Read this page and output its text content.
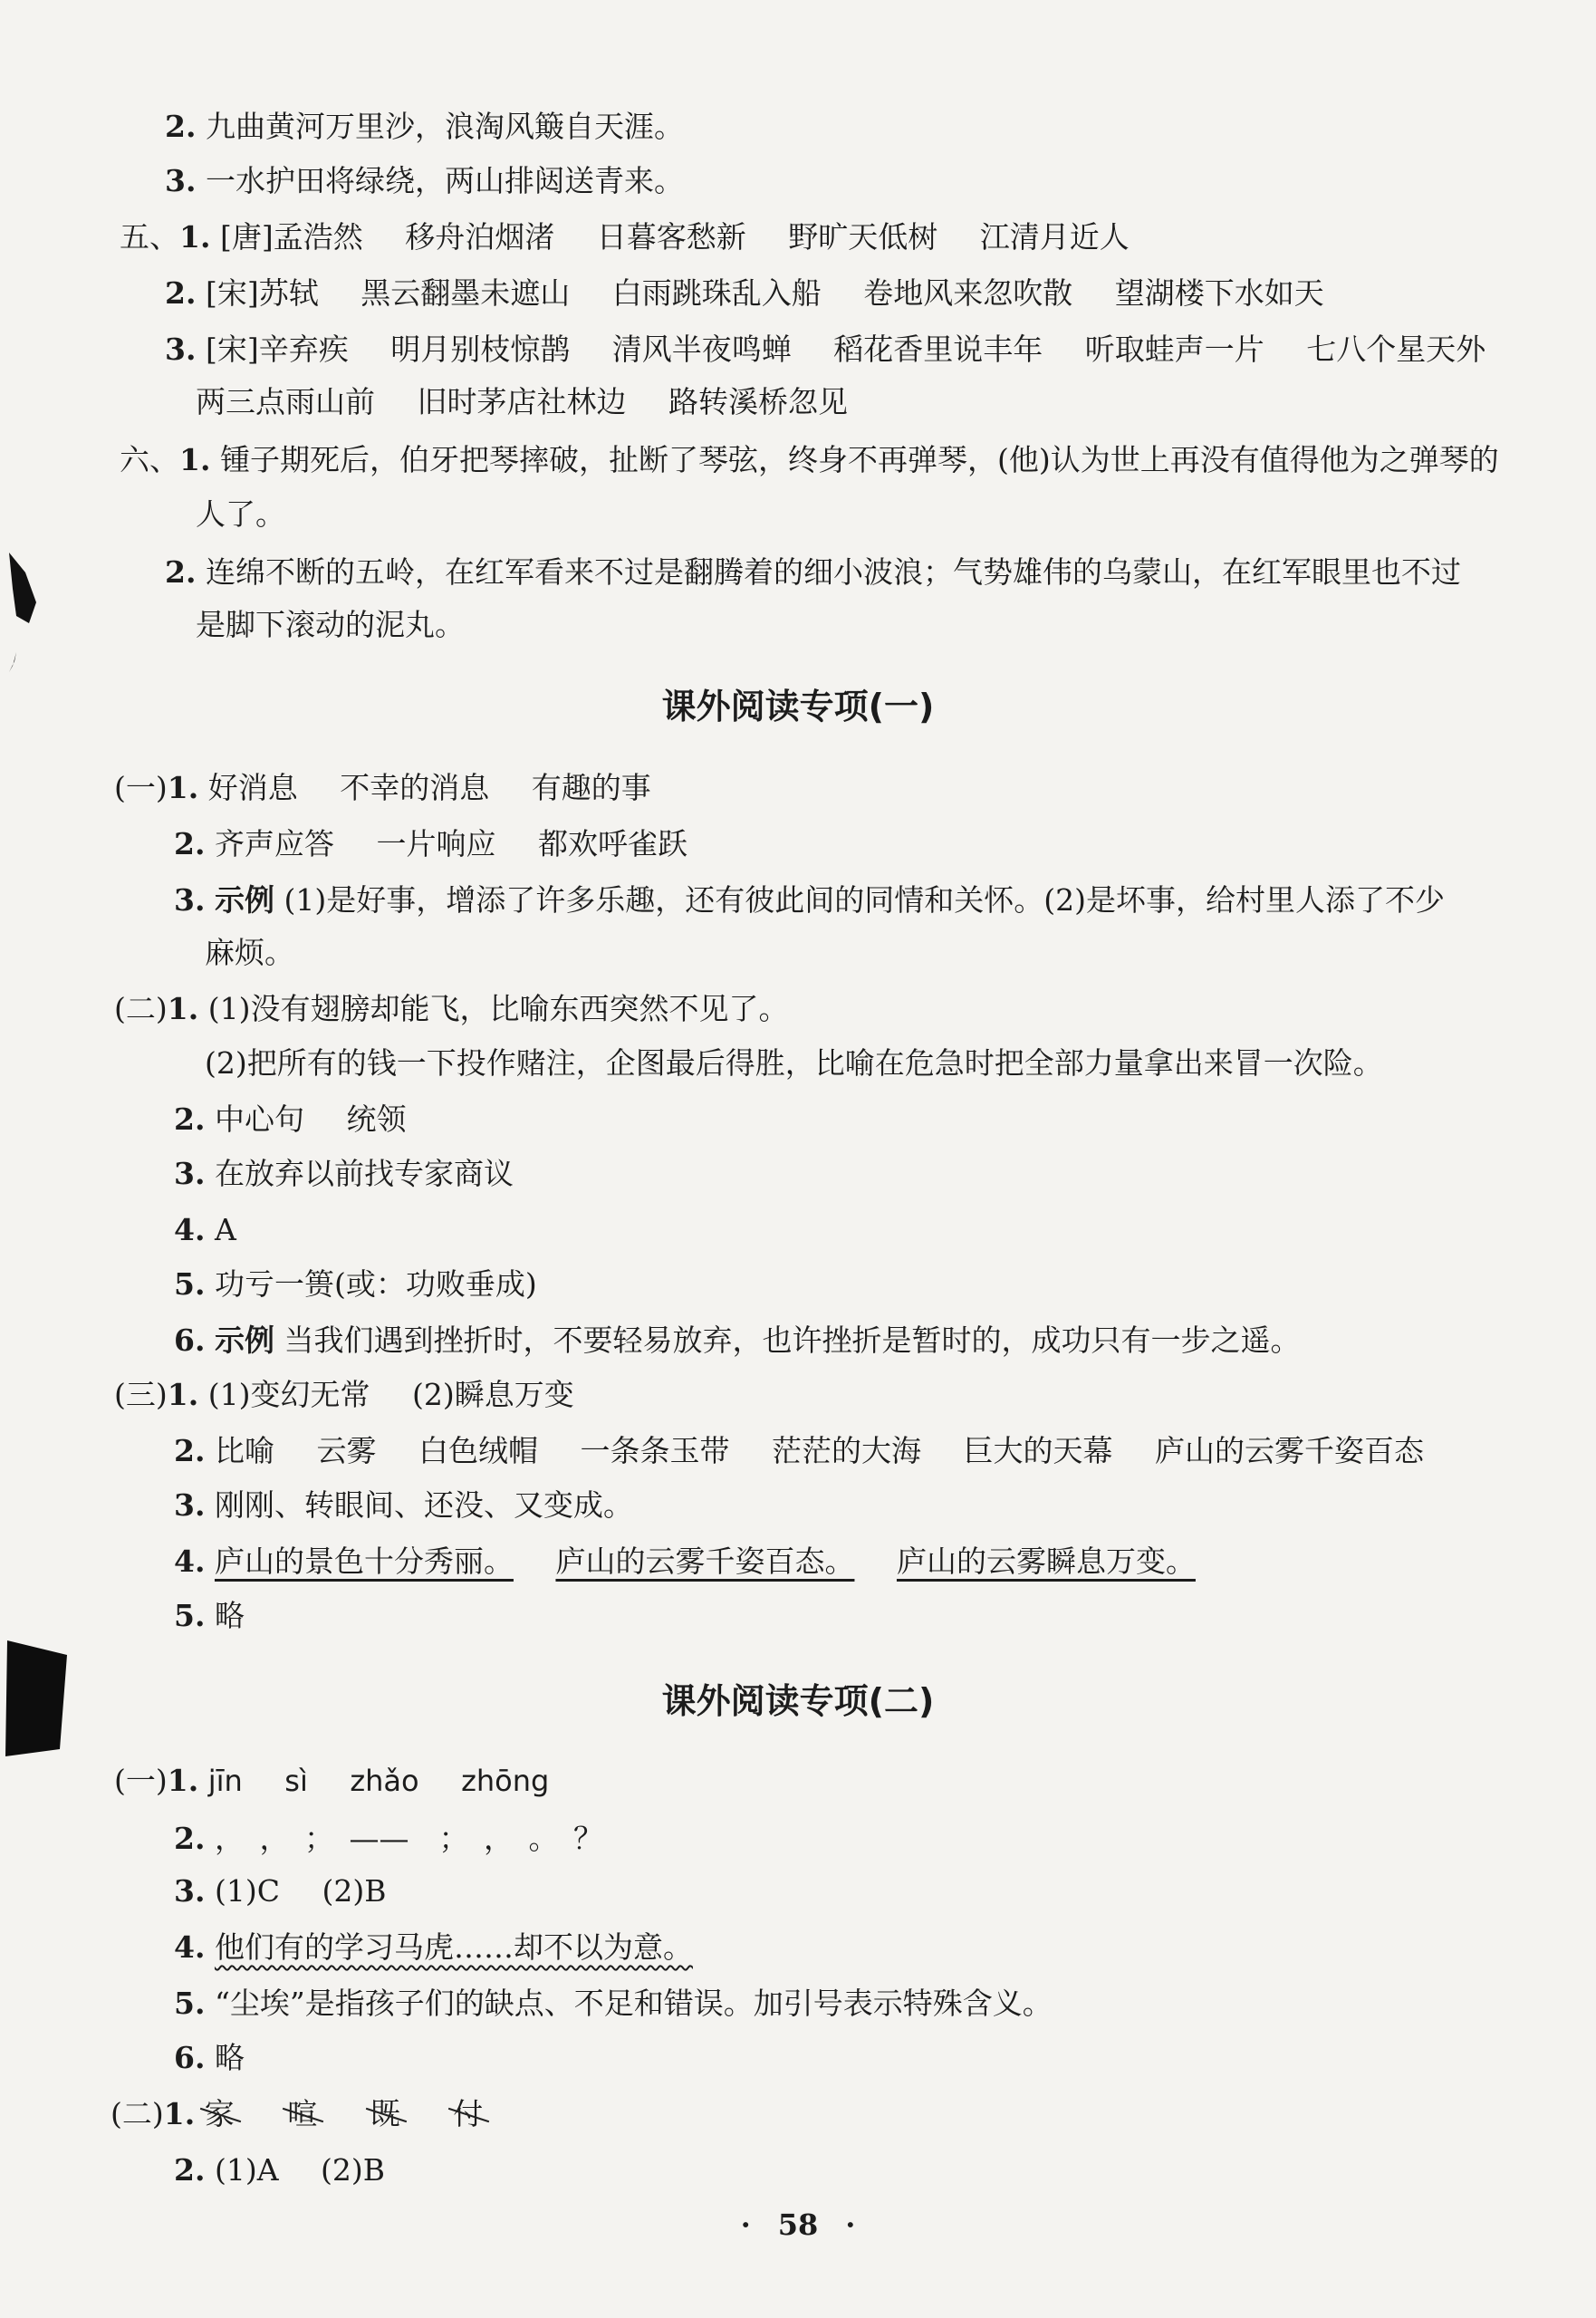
2. 九曲黄河万里沙，浪淘风簸自天涯。
3. 一水护田将绿绕，两山排闼送青来。
五、1. [唐]孟浩然 移舟泊烟渚 日暮客愁新 野旷天低树 江清月近人
2. [宋]苏轼 黑云翻墨未遮山 白雨跳珠乱入船 卷地风来忽吹散 望湖楼下水如天
3. [宋]辛弃疾 明月别枝惊鹊 清风半夜鸣蝉 稻花香里说丰年 听取蛙声一片 七八个星天外
两三点雨山前 旧时茅店社林边 路转溪桥忽见
六、1. 锺子期死后，伯牙把琴摔破，扯断了琴弦，终身不再弹琴，(他)认为世上再没有值得他为之弹琴的
人了。
2. 连绵不断的五岭，在红军看来不过是翻腾着的细小波浪；气势雄伟的乌蒙山，在红军眼里也不过
是脚下滚动的泥丸。
课外阅读专项(一)
(一)1. 好消息 不幸的消息 有趣的事
2. 齐声应答 一片响应 都欢呼雀跃
3. 示例 (1)是好事，增添了许多乐趣，还有彼此间的同情和关怀。(2)是坏事，给村里人添了不少
麻烦。
(二)1. (1)没有翅膀却能飞，比喻东西突然不见了。
(2)把所有的钱一下投作赌注，企图最后得胜，比喻在危急时把全部力量拿出来冒一次险。
2. 中心句 统领
3. 在放弃以前找专家商议
4. A
5. 功亏一篑(或：功败垂成)
6. 示例 当我们遇到挫折时，不要轻易放弃，也许挫折是暂时的，成功只有一步之遥。
(三)1. (1)变幻无常 (2)瞬息万变
2. 比喻 云雾 白色绒帽 一条条玉带 茫茫的大海 巨大的天幕 庐山的云雾千姿百态
3. 刚刚、转眼间、还没、又变成。
4. 庐山的景色十分秀丽。 庐山的云雾千姿百态。 庐山的云雾瞬息万变。
5. 略
课外阅读专项(二)
(一)1. jīn sì zhǎo zhōng
2. ，　，　；　——　；　，　。　？
3. (1)C (2)B
4. 他们有的学习马虎……却不以为意。
5. “尘埃”是指孩子们的缺点、不足和错误。加引号表示特殊含义。
6. 略
(二)1. 家 喧 既 付
2. (1)A (2)B
· 58 ·
